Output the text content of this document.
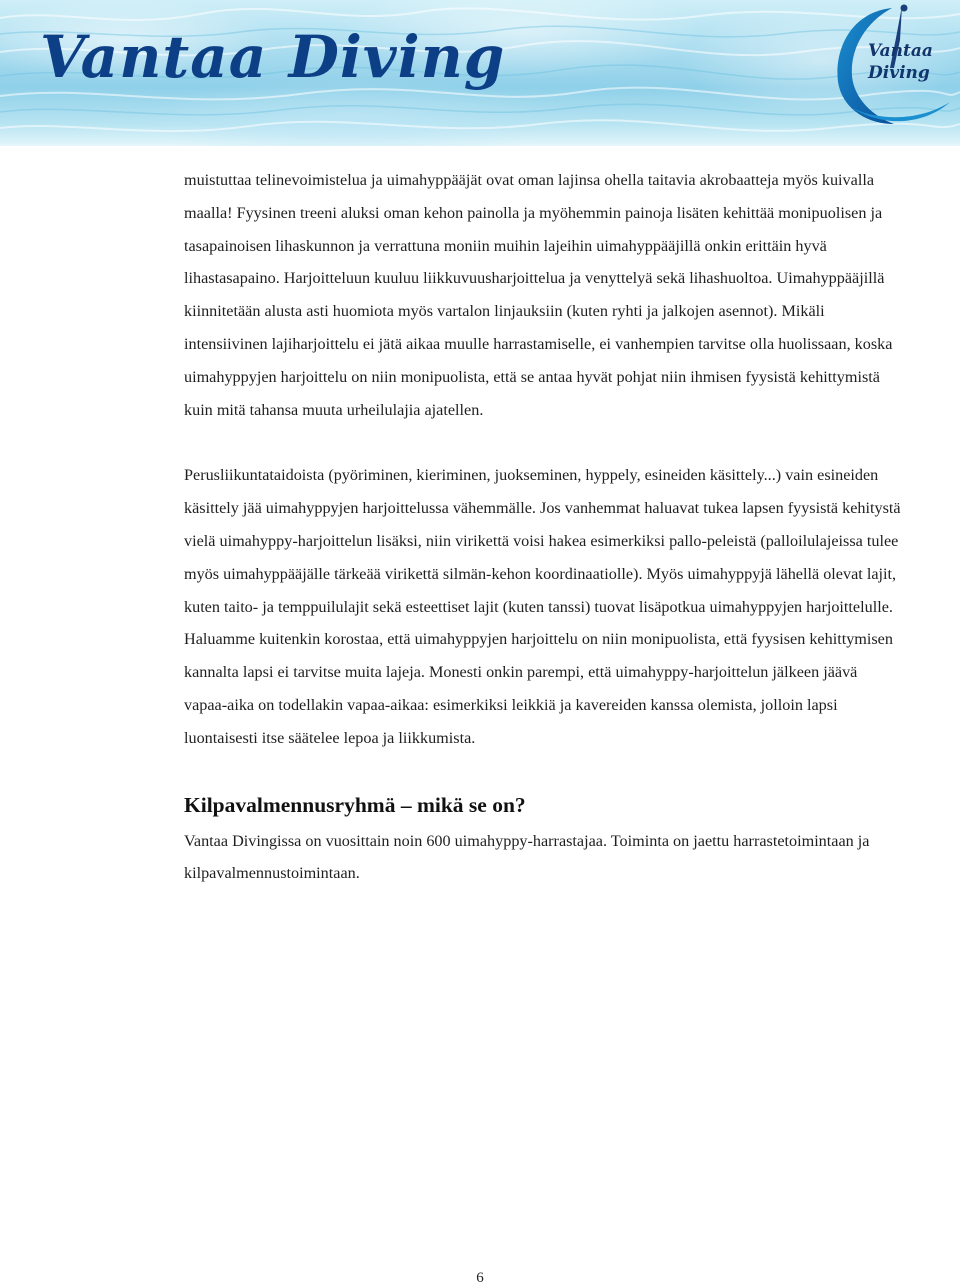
Vantaa Diving	Vantaa
Diving

muistuttaa telinevoimistelua ja uimahyppääjät ovat oman lajinsa ohella taitavia akrobaatteja myös kuivalla maalla! Fyysinen treeni aluksi oman kehon painolla ja myöhemmin painoja lisäten kehittää monipuolisen ja tasapainoisen lihaskunnon ja verrattuna moniin muihin lajeihin uimahyppääjillä onkin erittäin hyvä lihastasapaino. Harjoitteluun kuuluu liikkuvuusharjoittelua ja venyttelyä sekä lihashuoltoa. Uimahyppääjillä kiinnitetään alusta asti huomiota myös vartalon linjauksiin (kuten ryhti ja jalkojen asennot). Mikäli intensiivinen lajiharjoittelu ei jätä aikaa muulle harrastamiselle, ei vanhempien tarvitse olla huolissaan, koska uimahyppyjen harjoittelu on niin monipuolista, että se antaa hyvät pohjat niin ihmisen fyysistä kehittymistä kuin mitä tahansa muuta urheilulajia ajatellen.

Perusliikuntataidoista (pyöriminen, kieriminen, juokseminen, hyppely, esineiden käsittely...) vain esineiden käsittely jää uimahyppyjen harjoittelussa vähemmälle. Jos vanhemmat haluavat tukea lapsen fyysistä kehitystä vielä uimahyppy-harjoittelun lisäksi, niin virikettä voisi hakea esimerkiksi pallo-peleistä (palloilulajeissa tulee myös uimahyppääjälle tärkeää virikettä silmän-kehon koordinaatiolle). Myös uimahyppyjä lähellä olevat lajit, kuten taito- ja temppuilulajit sekä esteettiset lajit (kuten tanssi) tuovat lisäpotkua uimahyppyjen harjoittelulle. Haluamme kuitenkin korostaa, että uimahyppyjen harjoittelu on niin monipuolista, että fyysisen kehittymisen kannalta lapsi ei tarvitse muita lajeja. Monesti onkin parempi, että uimahyppy-harjoittelun jälkeen jäävä vapaa-aika on todellakin vapaa-aikaa: esimerkiksi leikkiä ja kavereiden kanssa olemista, jolloin lapsi luontaisesti itse säätelee lepoa ja liikkumista.

Kilpavalmennusryhmä – mikä se on?

Vantaa Divingissa on vuosittain noin 600 uimahyppy-harrastajaa. Toiminta on jaettu harrastetoimintaan ja kilpavalmennustoimintaan.

6
